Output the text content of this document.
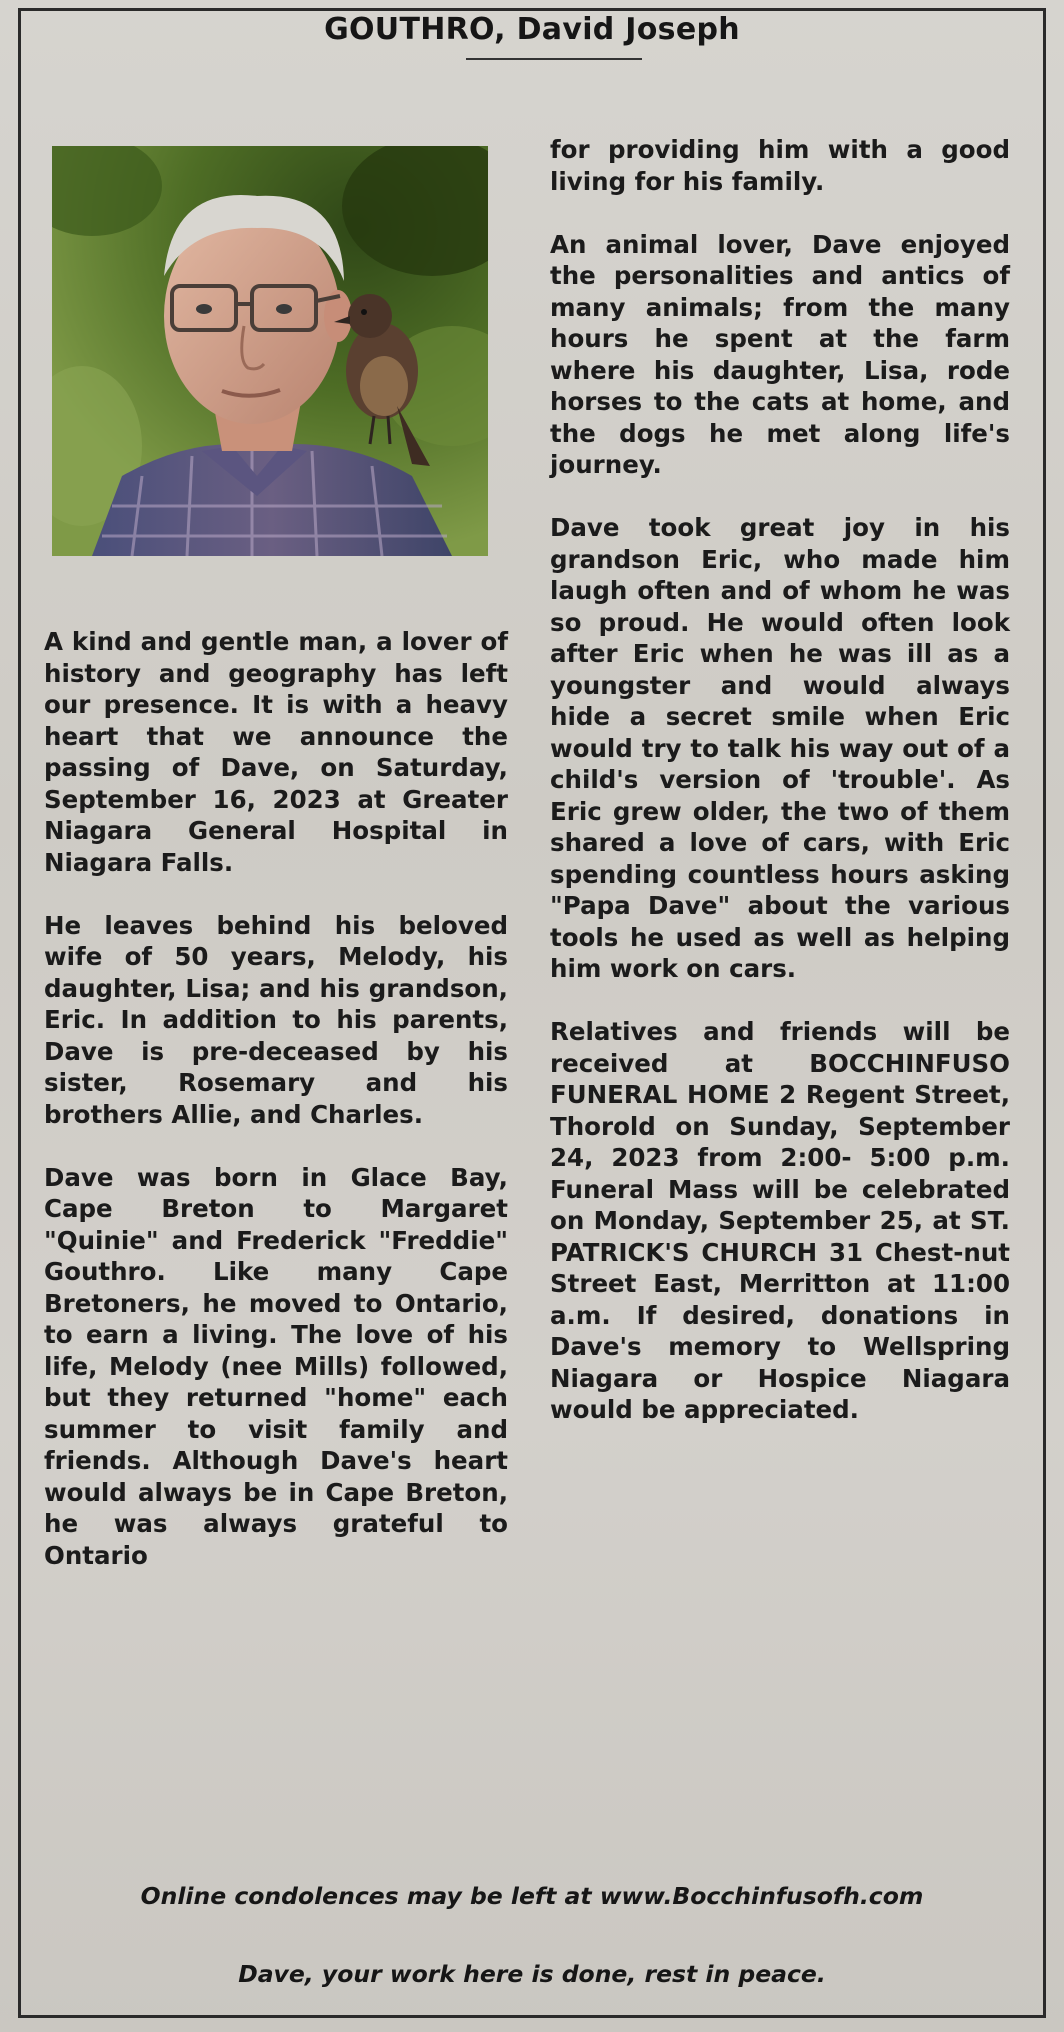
GOUTHRO, David Joseph

A kind and gentle man, a lover of history and geography has left our presence. It is with a heavy heart that we announce the passing of Dave, on Saturday, September 16, 2023 at Greater Niagara General Hospital in Niagara Falls.

He leaves behind his beloved wife of 50 years, Melody, his daughter, Lisa; and his grandson, Eric. In addition to his parents, Dave is pre-deceased by his sister, Rosemary and his brothers Allie, and Charles.

Dave was born in Glace Bay, Cape Breton to Margaret "Quinie" and Frederick "Freddie" Gouthro. Like many Cape Bretoners, he moved to Ontario, to earn a living. The love of his life, Melody (nee Mills) followed, but they returned "home" each summer to visit family and friends. Although Dave's heart would always be in Cape Breton, he was always grateful to Ontario

for providing him with a good living for his family.

An animal lover, Dave enjoyed the personalities and antics of many animals; from the many hours he spent at the farm where his daughter, Lisa, rode horses to the cats at home, and the dogs he met along life's journey.

Dave took great joy in his grandson Eric, who made him laugh often and of whom he was so proud. He would often look after Eric when he was ill as a youngster and would always hide a secret smile when Eric would try to talk his way out of a child's version of 'trouble'. As Eric grew older, the two of them shared a love of cars, with Eric spending countless hours asking "Papa Dave" about the various tools he used as well as helping him work on cars.

Relatives and friends will be received at BOCCHINFUSO FUNERAL HOME 2 Regent Street, Thorold on Sunday, September 24, 2023 from 2:00- 5:00 p.m. Funeral Mass will be celebrated on Monday, September 25, at ST. PATRICK'S CHURCH 31 Chest-nut Street East, Merritton at 11:00 a.m. If desired, donations in Dave's memory to Wellspring Niagara or Hospice Niagara would be appreciated.

Online condolences may be left at www.Bocchinfusofh.com
Dave, your work here is done, rest in peace.
